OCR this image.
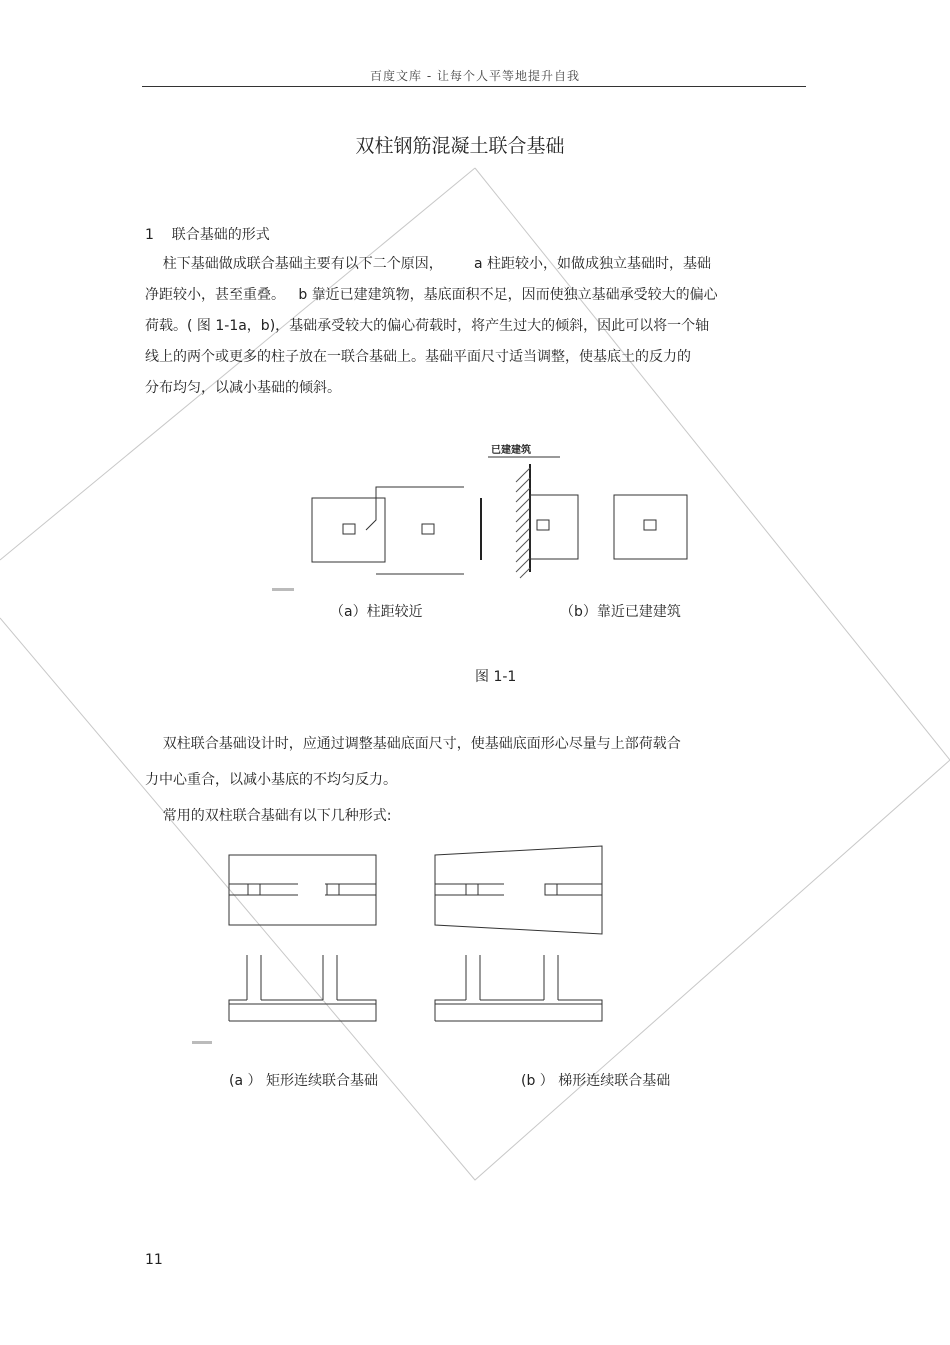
百度文库 - 让每个人平等地提升自我
双柱钢筋混凝土联合基础
1    联合基础的形式
柱下基础做成联合基础主要有以下二个原因，       a 柱距较小，如做成独立基础时，基础
净距较小，甚至重叠。   b 靠近已建建筑物，基底面积不足，因而使独立基础承受较大的偏心
荷载。( 图 1-1a，b)，基础承受较大的偏心荷载时，将产生过大的倾斜，因此可以将一个轴
线上的两个或更多的柱子放在一联合基础上。基础平面尺寸适当调整，使基底土的反力的
分布均匀，以减小基础的倾斜。
已建建筑
（a）柱距较近	（b）靠近已建建筑
图 1-1
双柱联合基础设计时，应通过调整基础底面尺寸，使基础底面形心尽量与上部荷载合
力中心重合，以减小基底的不均匀反力。
常用的双柱联合基础有以下几种形式:
(a ） 矩形连续联合基础	(b ） 梯形连续联合基础
11
